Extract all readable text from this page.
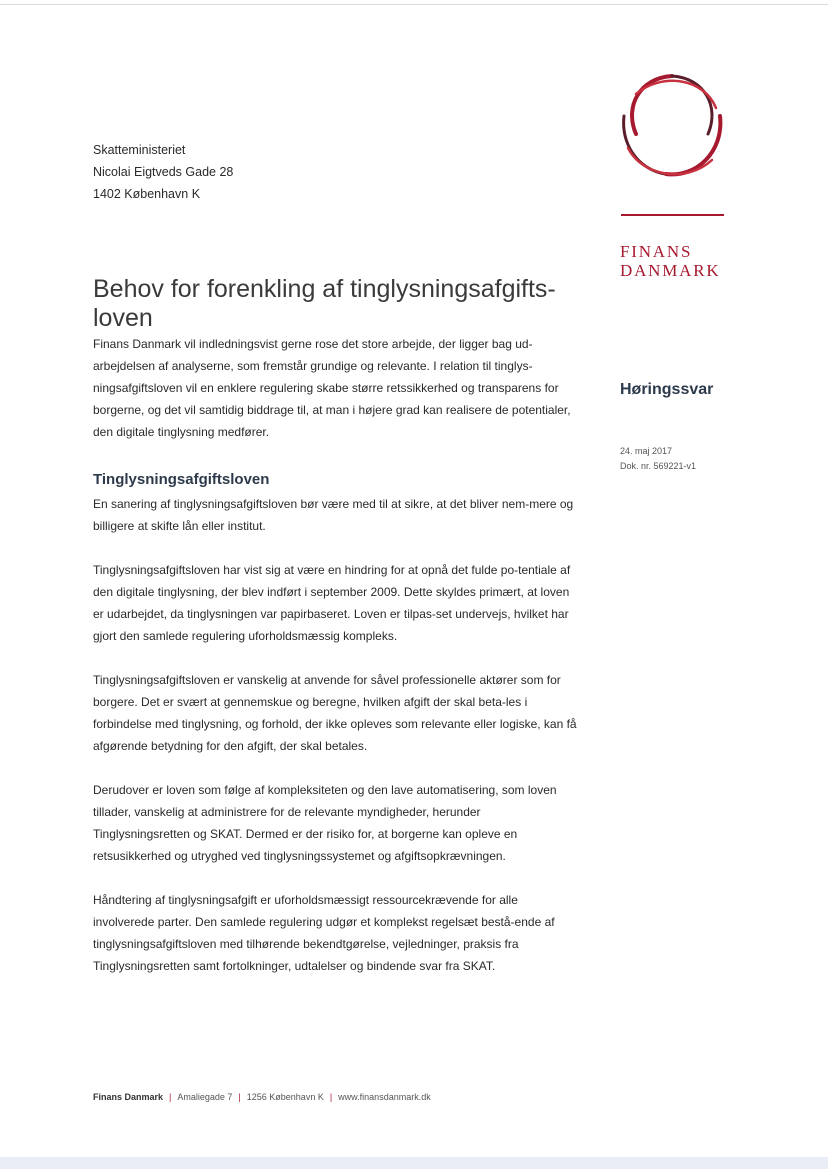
Skatteministeriet
Nicolai Eigtveds Gade 28
1402 København K
FINANS
DANMARK
Høringssvar
24. maj 2017
Dok. nr. 569221-v1
Behov for forenkling af tinglysningsafgifts-loven

Finans Danmark vil indledningsvist gerne rose det store arbejde, der ligger bag ud-arbejdelsen af analyserne, som fremstår grundige og relevante. I relation til tinglys-ningsafgiftsloven vil en enklere regulering skabe større retssikkerhed og transparens for borgerne, og det vil samtidig biddrage til, at man i højere grad kan realisere de potentialer, den digitale tinglysning medfører.

Tinglysningsafgiftsloven

En sanering af tinglysningsafgiftsloven bør være med til at sikre, at det bliver nem-mere og billigere at skifte lån eller institut.

Tinglysningsafgiftsloven har vist sig at være en hindring for at opnå det fulde po-tentiale af den digitale tinglysning, der blev indført i september 2009. Dette skyldes primært, at loven er udarbejdet, da tinglysningen var papirbaseret. Loven er tilpas-set undervejs, hvilket har gjort den samlede regulering uforholdsmæssig kompleks.

Tinglysningsafgiftsloven er vanskelig at anvende for såvel professionelle aktører som for borgere. Det er svært at gennemskue og beregne, hvilken afgift der skal beta-les i forbindelse med tinglysning, og forhold, der ikke opleves som relevante eller logiske, kan få afgørende betydning for den afgift, der skal betales.

Derudover er loven som følge af kompleksiteten og den lave automatisering, som loven tillader, vanskelig at administrere for de relevante myndigheder, herunder Tinglysningsretten og SKAT. Dermed er der risiko for, at borgerne kan opleve en retsusikkerhed og utryghed ved tinglysningssystemet og afgiftsopkrævningen.

Håndtering af tinglysningsafgift er uforholdsmæssigt ressourcekrævende for alle involverede parter. Den samlede regulering udgør et komplekst regelsæt bestå-ende af tinglysningsafgiftsloven med tilhørende bekendtgørelse, vejledninger, praksis fra Tinglysningsretten samt fortolkninger, udtalelser og bindende svar fra SKAT.

Finans Danmark | Amaliegade 7 | 1256 København K | www.finansdanmark.dk
